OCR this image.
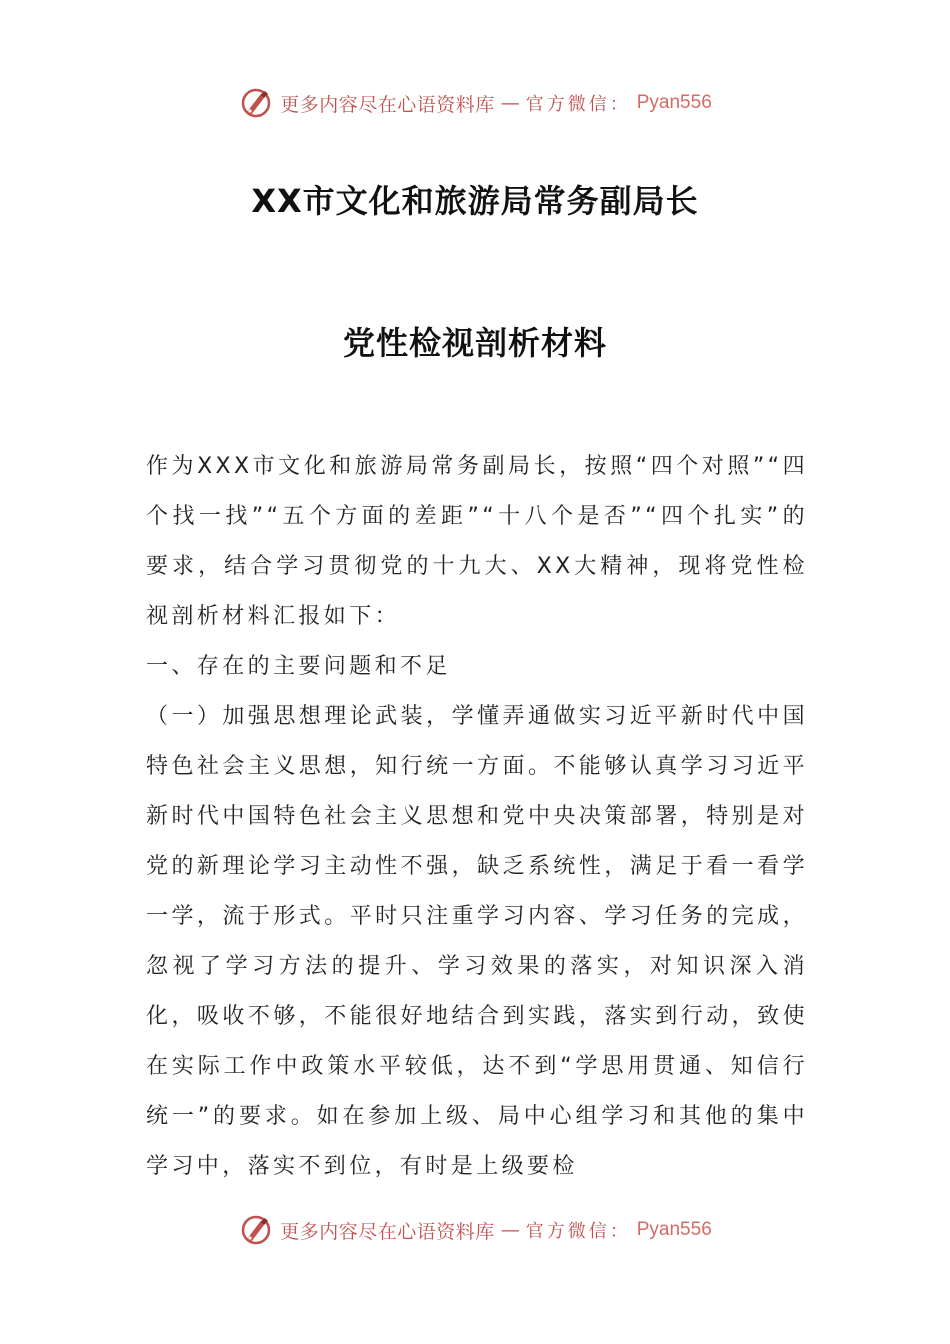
更多内容尽在心语资料库 — 官方微信： Pyan556
XX市文化和旅游局常务副局长
党性检视剖析材料

作为XXX市文化和旅游局常务副局长，按照“四个对照”“四个找一找”“五个方面的差距”“十八个是否”“四个扎实”的要求，结合学习贯彻党的十九大、XX大精神，现将党性检视剖析材料汇报如下：

一、存在的主要问题和不足

（一）加强思想理论武装，学懂弄通做实习近平新时代中国特色社会主义思想，知行统一方面。不能够认真学习习近平新时代中国特色社会主义思想和党中央决策部署，特别是对党的新理论学习主动性不强，缺乏系统性，满足于看一看学一学，流于形式。平时只注重学习内容、学习任务的完成，忽视了学习方法的提升、学习效果的落实，对知识深入消化，吸收不够，不能很好地结合到实践，落实到行动，致使在实际工作中政策水平较低，达不到“学思用贯通、知信行统一”的要求。如在参加上级、局中心组学习和其他的集中学习中，落实不到位，有时是上级要检

更多内容尽在心语资料库 — 官方微信： Pyan556
